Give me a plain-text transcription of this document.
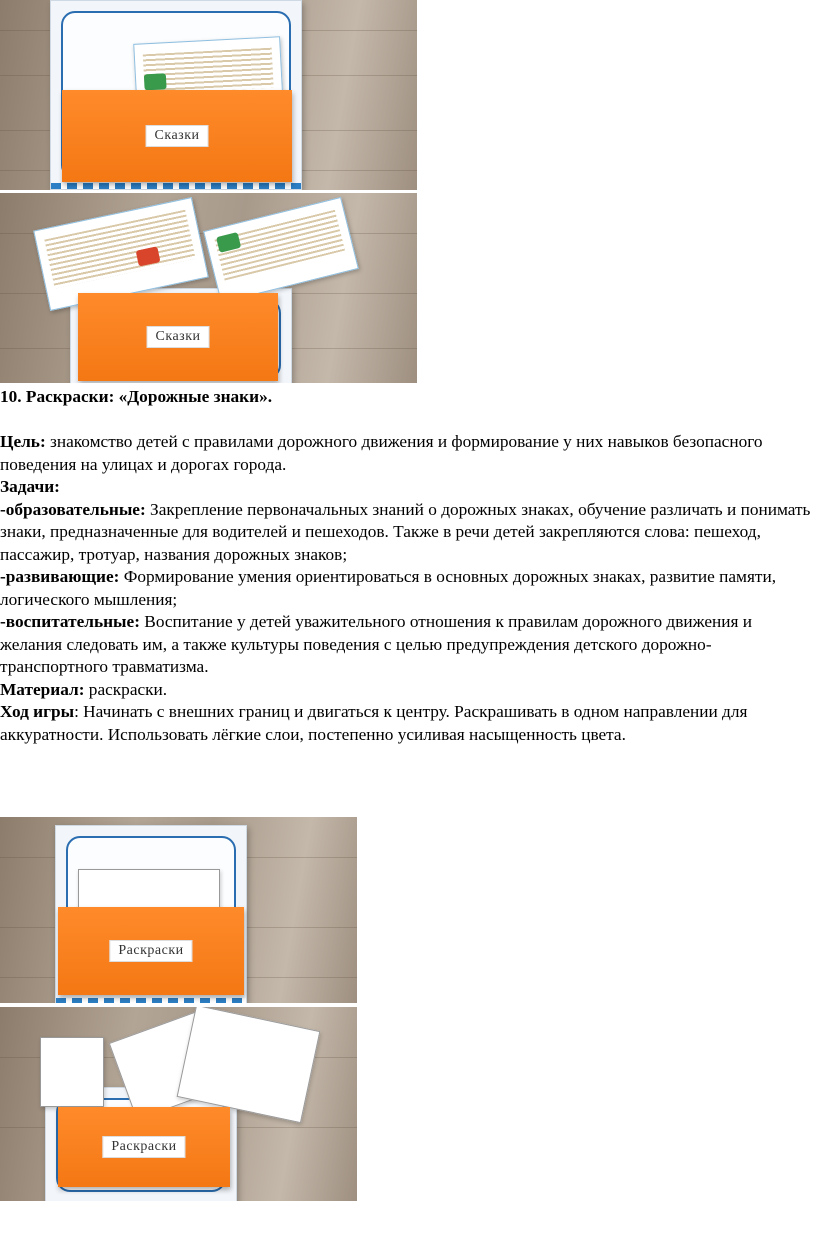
Сказки
Сказки

10. Раскраски: «Дорожные знаки».

Цель: знакомство детей с правилами дорожного движения и формирование у них навыков безопасного поведения на улицах и дорогах города.

Задачи:

-образовательные: Закрепление первоначальных знаний о дорожных знаках, обучение различать и понимать знаки, предназначенные для водителей и пешеходов. Также в речи детей закрепляются слова: пешеход, пассажир, тротуар, названия дорожных знаков;

-развивающие: Формирование умения ориентироваться в основных дорожных знаках, развитие памяти, логического мышления;

-воспитательные: Воспитание у детей уважительного отношения к правилам дорожного движения и желания следовать им, а также культуры поведения с целью предупреждения детского дорожно-транспортного травматизма.

Материал: раскраски.

Ход игры: Начинать с внешних границ и двигаться к центру. Раскрашивать в одном направлении для аккуратности. Использовать лёгкие слои, постепенно усиливая насыщенность цвета.

Раскраски
Раскраски
